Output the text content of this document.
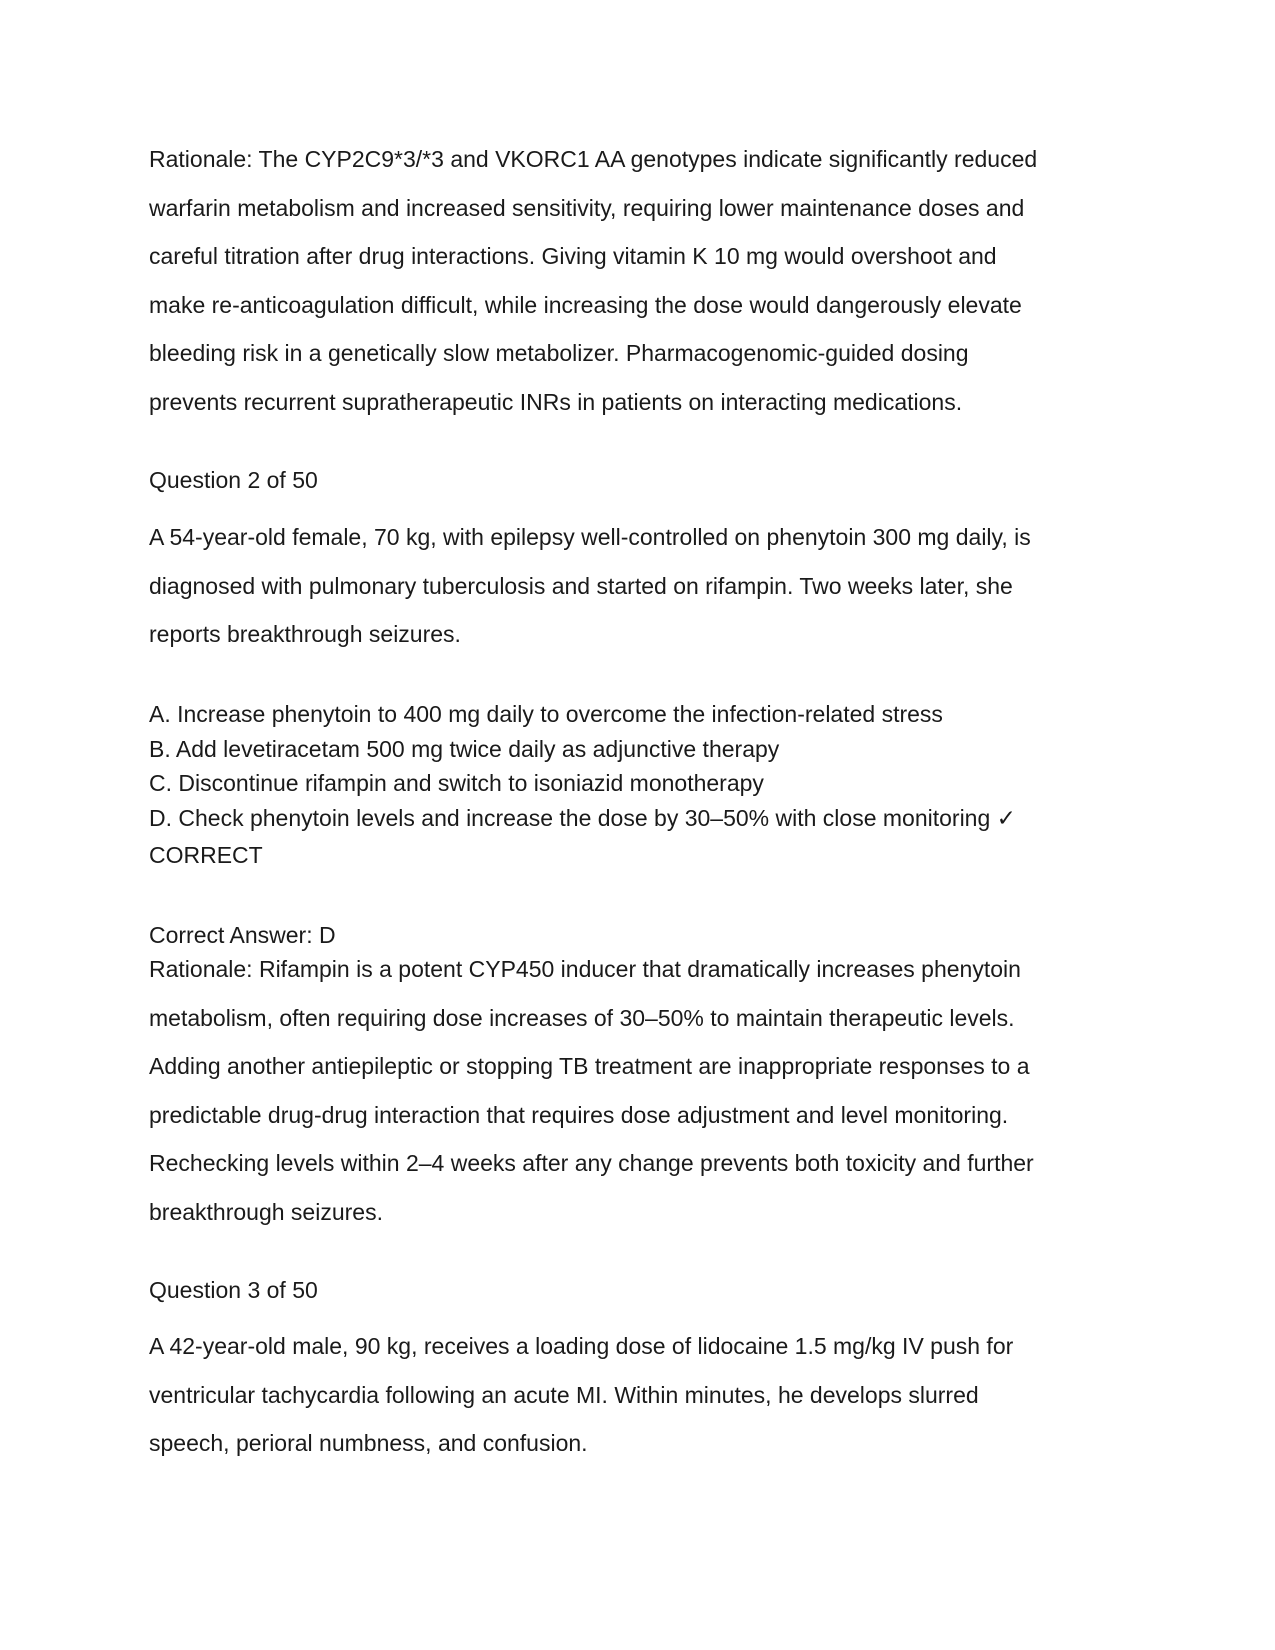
Rationale: The CYP2C9*3/*3 and VKORC1 AA genotypes indicate significantly reduced
warfarin metabolism and increased sensitivity, requiring lower maintenance doses and
careful titration after drug interactions. Giving vitamin K 10 mg would overshoot and
make re-anticoagulation difficult, while increasing the dose would dangerously elevate
bleeding risk in a genetically slow metabolizer. Pharmacogenomic-guided dosing
prevents recurrent supratherapeutic INRs in patients on interacting medications.
Question 2 of 50
A 54-year-old female, 70 kg, with epilepsy well-controlled on phenytoin 300 mg daily, is
diagnosed with pulmonary tuberculosis and started on rifampin. Two weeks later, she
reports breakthrough seizures.
A. Increase phenytoin to 400 mg daily to overcome the infection-related stress
B. Add levetiracetam 500 mg twice daily as adjunctive therapy
C. Discontinue rifampin and switch to isoniazid monotherapy
D. Check phenytoin levels and increase the dose by 30–50% with close monitoring ✓
CORRECT
Correct Answer: D
Rationale: Rifampin is a potent CYP450 inducer that dramatically increases phenytoin
metabolism, often requiring dose increases of 30–50% to maintain therapeutic levels.
Adding another antiepileptic or stopping TB treatment are inappropriate responses to a
predictable drug-drug interaction that requires dose adjustment and level monitoring.
Rechecking levels within 2–4 weeks after any change prevents both toxicity and further
breakthrough seizures.
Question 3 of 50
A 42-year-old male, 90 kg, receives a loading dose of lidocaine 1.5 mg/kg IV push for
ventricular tachycardia following an acute MI. Within minutes, he develops slurred
speech, perioral numbness, and confusion.
